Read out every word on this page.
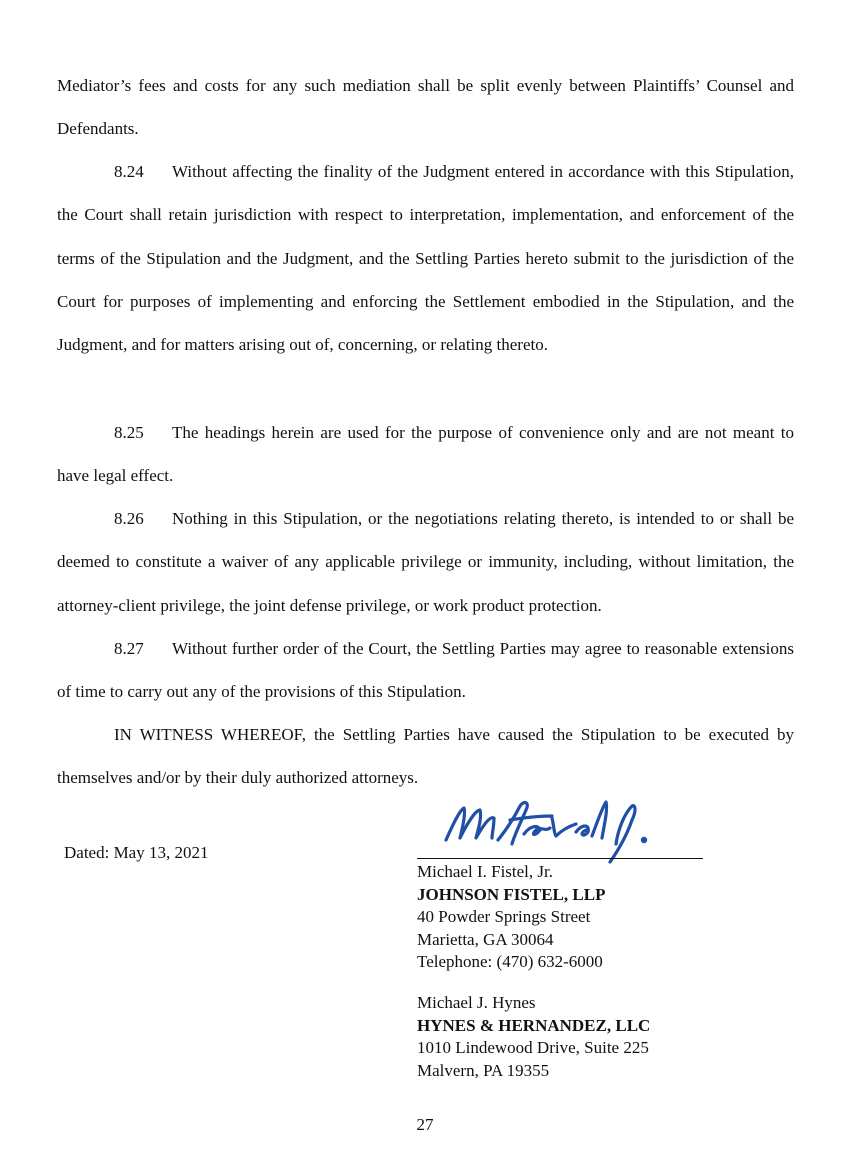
Mediator’s fees and costs for any such mediation shall be split evenly between Plaintiffs’ Counsel and Defendants.

8.24 Without affecting the finality of the Judgment entered in accordance with this Stipulation, the Court shall retain jurisdiction with respect to interpretation, implementation, and enforcement of the terms of the Stipulation and the Judgment, and the Settling Parties hereto submit to the jurisdiction of the Court for purposes of implementing and enforcing the Settlement embodied in the Stipulation, and the Judgment, and for matters arising out of, concerning, or relating thereto.

8.25 The headings herein are used for the purpose of convenience only and are not meant to have legal effect.

8.26 Nothing in this Stipulation, or the negotiations relating thereto, is intended to or shall be deemed to constitute a waiver of any applicable privilege or immunity, including, without limitation, the attorney-client privilege, the joint defense privilege, or work product protection.

8.27 Without further order of the Court, the Settling Parties may agree to reasonable extensions of time to carry out any of the provisions of this Stipulation.

IN WITNESS WHEREOF, the Settling Parties have caused the Stipulation to be executed by themselves and/or by their duly authorized attorneys.

Dated: May 13, 2021

Michael I. Fistel, Jr.
JOHNSON FISTEL, LLP
40 Powder Springs Street
Marietta, GA 30064
Telephone: (470) 632-6000
Michael J. Hynes
HYNES & HERNANDEZ, LLC
1010 Lindewood Drive, Suite 225
Malvern, PA 19355
27
